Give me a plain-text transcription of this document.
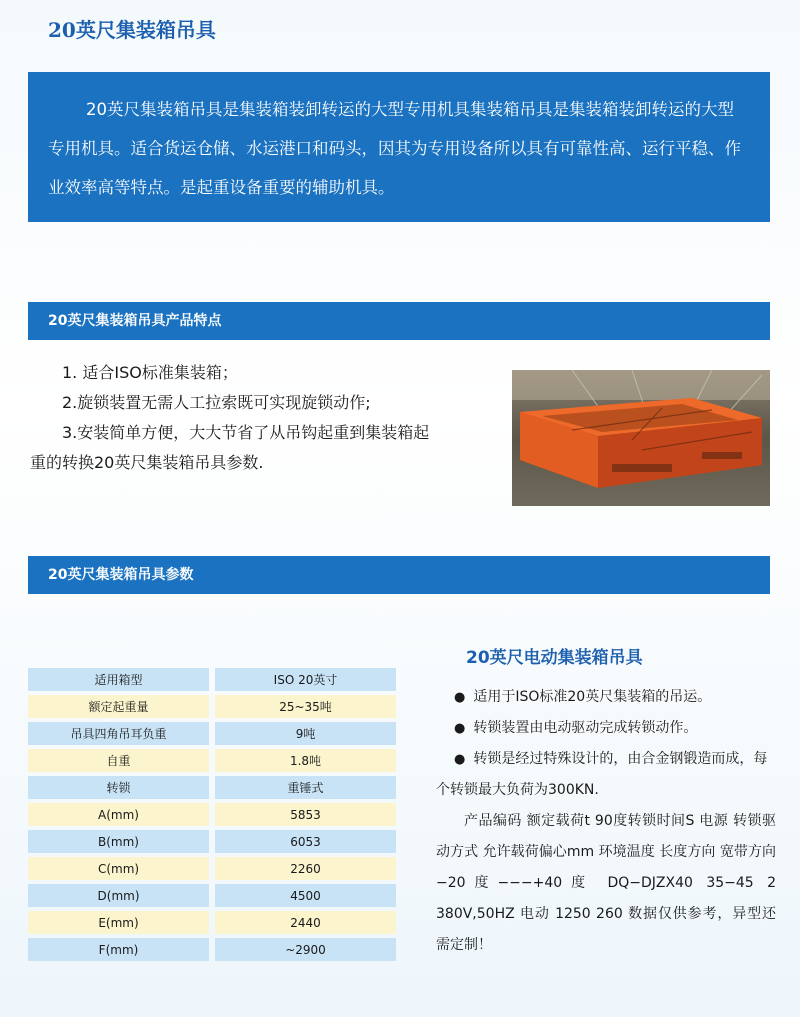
20英尺集装箱吊具

20英尺集装箱吊具是集装箱装卸转运的大型专用机具集装箱吊具是集装箱装卸转运的大型专用机具。适合货运仓储、水运港口和码头，因其为专用设备所以具有可靠性高、运行平稳、作业效率高等特点。是起重设备重要的辅助机具。

20英尺集装箱吊具产品特点
1. 适合ISO标准集装箱；
2.旋锁装置无需人工拉索既可实现旋锁动作;
3.安装简单方便，大大节省了从吊钩起重到集装箱起
重的转换20英尺集装箱吊具参数.
20英尺集装箱吊具参数
适用箱型	ISO 20英寸
额定起重量	25~35吨
吊具四角吊耳负重	9吨
自重	1.8吨
转锁	重锤式
A(mm)	5853
B(mm)	6053
C(mm)	2260
D(mm)	4500
E(mm)	2440
F(mm)	~2900
20英尺电动集装箱吊具
● 适用于ISO标准20英尺集装箱的吊运。
● 转锁装置由电动驱动完成转锁动作。
● 转锁是经过特殊设计的，由合金钢锻造而成，每个转锁最大负荷为300KN.
产品编码 额定载荷t 90度转锁时间S 电源 转锁驱动方式 允许载荷偏心mm 环境温度 长度方向 宽带方向 −20度−−−+40度 DQ−DJZX40 35−45 2 380V,50HZ 电动 1250 260 数据仅供参考，异型还需定制！
